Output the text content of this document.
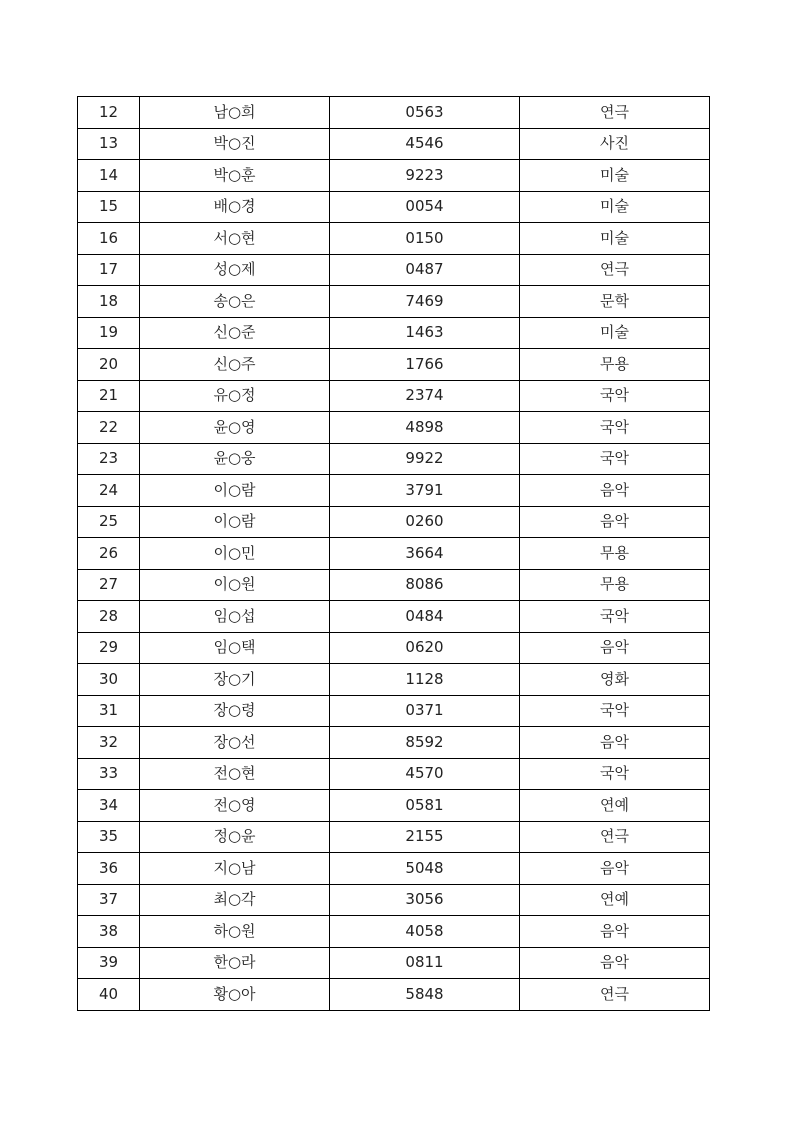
12	남○희	0563	연극
13	박○진	4546	사진
14	박○훈	9223	미술
15	배○경	0054	미술
16	서○현	0150	미술
17	성○제	0487	연극
18	송○은	7469	문학
19	신○준	1463	미술
20	신○주	1766	무용
21	유○정	2374	국악
22	윤○영	4898	국악
23	윤○웅	9922	국악
24	이○람	3791	음악
25	이○람	0260	음악
26	이○민	3664	무용
27	이○원	8086	무용
28	임○섭	0484	국악
29	임○택	0620	음악
30	장○기	1128	영화
31	장○령	0371	국악
32	장○선	8592	음악
33	전○현	4570	국악
34	전○영	0581	연예
35	정○윤	2155	연극
36	지○남	5048	음악
37	최○각	3056	연예
38	하○원	4058	음악
39	한○라	0811	음악
40	황○아	5848	연극
